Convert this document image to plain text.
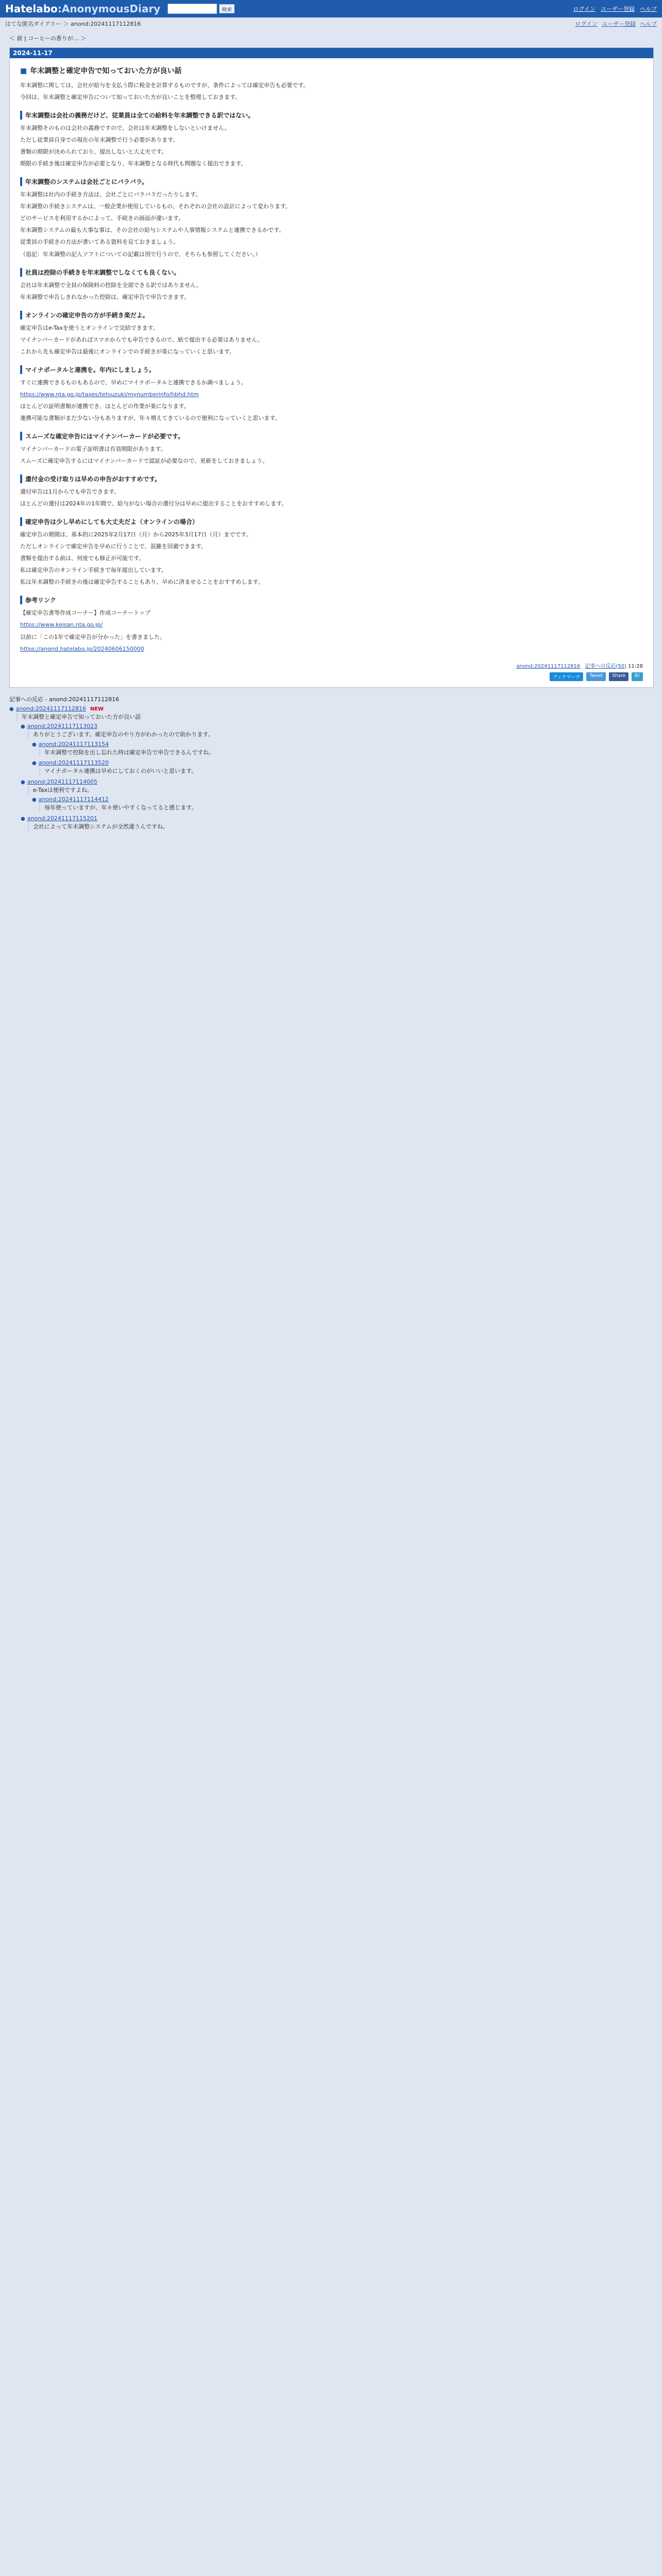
Hatelabo:AnonymousDiary	検索	ログイン ユーザー登録 ヘルプ
はてな匿名ダイアリー ＞ anond:20241117112816	ログイン ユーザー登録 ヘルプ
＜ 前 | コーヒーの香りが… ＞
2024-11-17
■ 年末調整と確定申告で知っておいた方が良い話

年末調整に関しては、会社が給与を支払う際に税金を計算するものですが、条件によっては確定申告も必要です。

今回は、年末調整と確定申告について知っておいた方が良いことを整理しておきます。

年末調整は会社の義務だけど、従業員は全ての給料を年末調整できる訳ではない。

年末調整そのものは会社の義務ですので、会社は年末調整をしないといけません。

ただし従業員自身での現在の年末調整で行う必要があります。

書類の期限が決められており、提出しないと大丈夫です。

期限の手続き後は確定申告が必要となり、年末調整となる時代も問題なく提出できます。

年末調整のシステムは会社ごとにバラバラ。

年末調整は社内の手続き方法は、会社ごとにバラバラだったりします。

年末調整の手続きシステムは、一般企業が使用しているもの、それぞれの会社の設計によって変わります。

どのサービスを利用するかによって、手続きの画面が違います。

年末調整システムの最も大事な事は、その会社の給与システムや人事情報システムと連携できるかです。

従業員の手続きの方法が書いてある資料を見ておきましょう。

（追記：年末調整の記入ソフトについての記載は別で行うので、そちらも参照してください。）

社員は控除の手続きを年末調整でしなくても良くない。

会社は年末調整で全員の保険料の控除を全部できる訳ではありません。

年末調整で申告しきれなかった控除は、確定申告で申告できます。

オンラインの確定申告の方が手続き楽だよ。

確定申告はe-Taxを使うとオンラインで完結できます。

マイナンバーカードがあればスマホからでも申告できるので、紙で提出する必要はありません。

これから先も確定申告は最後にオンラインでの手続きが楽になっていくと思います。

マイナポータルと連携を。年内にしましょう。

すぐに連携できるものもあるので、早めにマイナポータルと連携できるか調べましょう。

https://www.nta.go.jp/taxes/tetsuzuki/mynumberinfo/hbhd.htm

ほとんどの証明書類が連携でき、ほとんどの作業が楽になります。

連携可能な書類がまだ少ない分もありますが、年々増えてきているので便利になっていくと思います。

スムーズな確定申告にはマイナンバーカードが必要です。

マイナンバーカードの電子証明書は有効期限があります。

スムーズに確定申告するにはマイナンバーカードで認証が必要なので、更新をしておきましょう。

還付金の受け取りは早めの申告がおすすめです。

還付申告は1月からでも申告できます。

ほとんどの還付は2024年の1年間で、給与がない場合の還付分は早めに提出することをおすすめします。

確定申告は少し早めにしても大丈夫だよ（オンラインの場合）

確定申告の期間は、基本的に2025年2月17日（月）から2025年3月17日（月）までです。

ただしオンラインで確定申告を早めに行うことで、混雑を回避できます。

書類を提出する前は、何度でも修正が可能です。

私は確定申告のオンライン手続きで毎年提出しています。

私は年末調整の手続きの後は確定申告することもあり、早めに済ませることをおすすめします。

参考リンク

【確定申告書等作成コーナー】作成コーナートップ

https://www.keisan.nta.go.jp/

以前に「この1年で確定申告が分かった」を書きました。

https://anond.hatelabo.jp/20240606150000

anond:20241117112816 記事への反応(50) 11:28
ブックマーク	Tweet	Share	B!
記事への反応 - anond:20241117112816
● anond:20241117112816 NEW
年末調整と確定申告で知っておいた方が良い話
● anond:20241117113023
ありがとうございます。確定申告のやり方がわかったので助かります。
● anond:20241117113154
年末調整で控除を出し忘れた時は確定申告で申告できるんですね。
● anond:20241117113520
マイナポータル連携は早めにしておくのがいいと思います。
● anond:20241117114005
e-Taxは便利ですよね。
● anond:20241117114412
毎年使っていますが、年々使いやすくなってると感じます。
● anond:20241117115201
会社によって年末調整システムが全然違うんですね。
